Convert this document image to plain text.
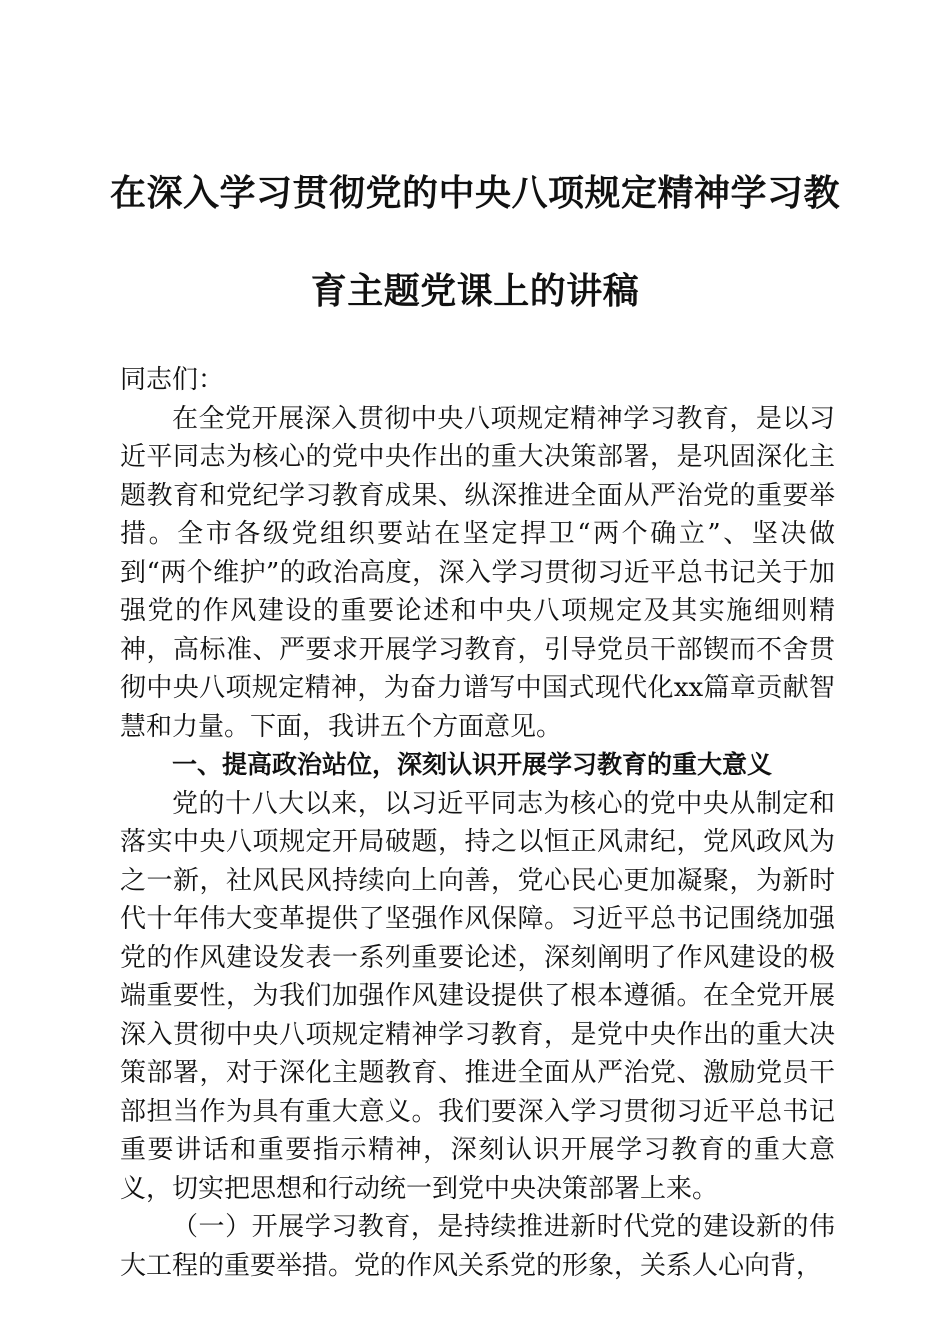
在深入学习贯彻党的中央八项规定精神学习教
育主题党课上的讲稿

同志们：

在全党开展深入贯彻中央八项规定精神学习教育，是以习近平同志为核心的党中央作出的重大决策部署，是巩固深化主题教育和党纪学习教育成果、纵深推进全面从严治党的重要举措。全市各级党组织要站在坚定捍卫“两个确立”、坚决做到“两个维护”的政治高度，深入学习贯彻习近平总书记关于加强党的作风建设的重要论述和中央八项规定及其实施细则精神，高标准、严要求开展学习教育，引导党员干部锲而不舍贯彻中央八项规定精神，为奋力谱写中国式现代化xx篇章贡献智慧和力量。下面，我讲五个方面意见。

一、提高政治站位，深刻认识开展学习教育的重大意义

党的十八大以来，以习近平同志为核心的党中央从制定和落实中央八项规定开局破题，持之以恒正风肃纪，党风政风为之一新，社风民风持续向上向善，党心民心更加凝聚，为新时代十年伟大变革提供了坚强作风保障。习近平总书记围绕加强党的作风建设发表一系列重要论述，深刻阐明了作风建设的极端重要性，为我们加强作风建设提供了根本遵循。在全党开展深入贯彻中央八项规定精神学习教育，是党中央作出的重大决策部署，对于深化主题教育、推进全面从严治党、激励党员干部担当作为具有重大意义。我们要深入学习贯彻习近平总书记重要讲话和重要指示精神，深刻认识开展学习教育的重大意义，切实把思想和行动统一到党中央决策部署上来。

（一）开展学习教育，是持续推进新时代党的建设新的伟大工程的重要举措。党的作风关系党的形象，关系人心向背，
